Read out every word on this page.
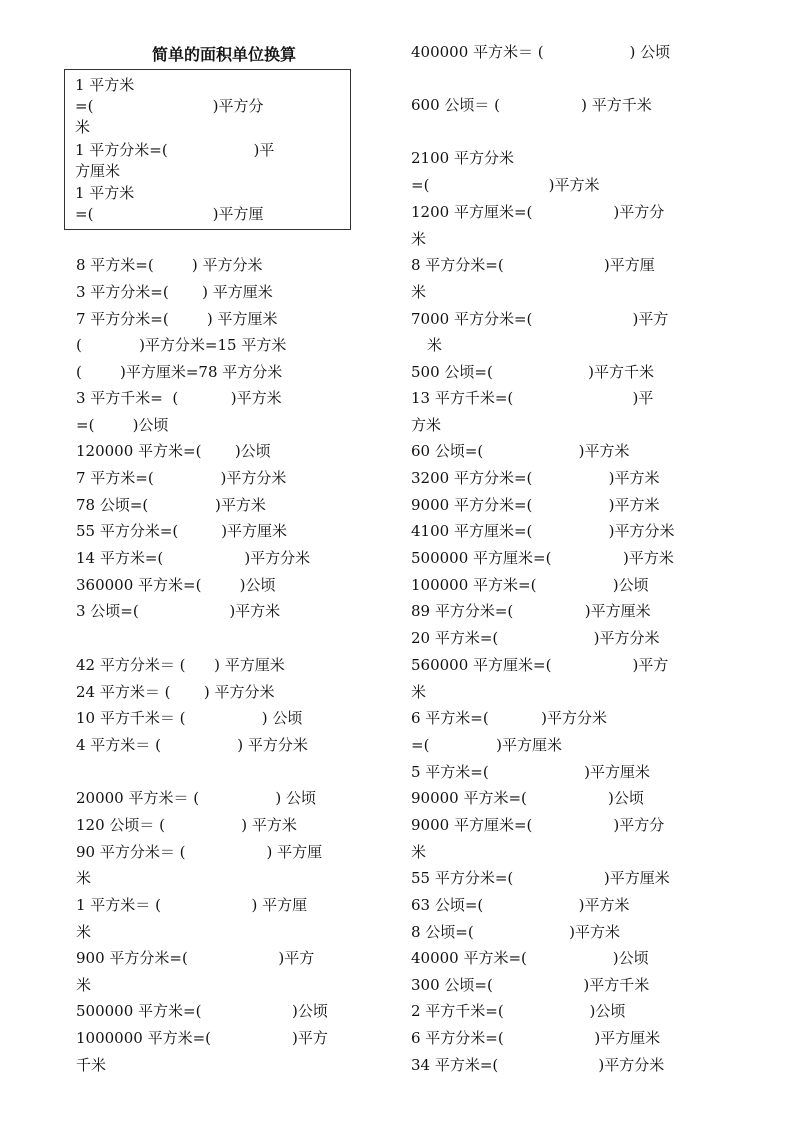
简单的面积单位换算
1 平方米
=(                         )平方分
米
1 平方分米=(                  )平
方厘米
1 平方米
=(                         )平方厘
8 平方米=(        ) 平方分米
3 平方分米=(       ) 平方厘米
7 平方分米=(        ) 平方厘米
(            )平方分米=15 平方米
(        )平方厘米=78 平方分米
3 平方千米=  (           )平方米
=(        )公顷
120000 平方米=(       )公顷
7 平方米=(              )平方分米
78 公顷=(              )平方米
55 平方分米=(         )平方厘米
14 平方米=(                 )平方分米
360000 平方米=(        )公顷
3 公顷=(                   )平方米
42 平方分米＝ (      ) 平方厘米
24 平方米＝ (       ) 平方分米
10 平方千米＝ (                ) 公顷
4 平方米＝ (                ) 平方分米
20000 平方米＝ (                ) 公顷
120 公顷＝ (                ) 平方米
90 平方分米＝ (                 ) 平方厘
米
1 平方米＝ (                   ) 平方厘
米
900 平方分米=(                   )平方
米
500000 平方米=(                   )公顷
1000000 平方米=(                 )平方
千米
400000 平方米＝ (                  ) 公顷
600 公顷＝ (                 ) 平方千米
2100 平方分米
=(                         )平方米
1200 平方厘米=(                 )平方分
米
8 平方分米=(                     )平方厘
米
7000 平方分米=(                     )平方
米
500 公顷=(                    )平方千米
13 平方千米=(                         )平
方米
60 公顷=(                    )平方米
3200 平方分米=(                )平方米
9000 平方分米=(                )平方米
4100 平方厘米=(                )平方分米
500000 平方厘米=(               )平方米
100000 平方米=(                )公顷
89 平方分米=(               )平方厘米
20 平方米=(                    )平方分米
560000 平方厘米=(                 )平方
米
6 平方米=(           )平方分米
=(              )平方厘米
5 平方米=(                    )平方厘米
90000 平方米=(                 )公顷
9000 平方厘米=(                 )平方分
米
55 平方分米=(                   )平方厘米
63 公顷=(                    )平方米
8 公顷=(                    )平方米
40000 平方米=(                  )公顷
300 公顷=(                   )平方千米
2 平方千米=(                  )公顷
6 平方分米=(                   )平方厘米
34 平方米=(                     )平方分米
